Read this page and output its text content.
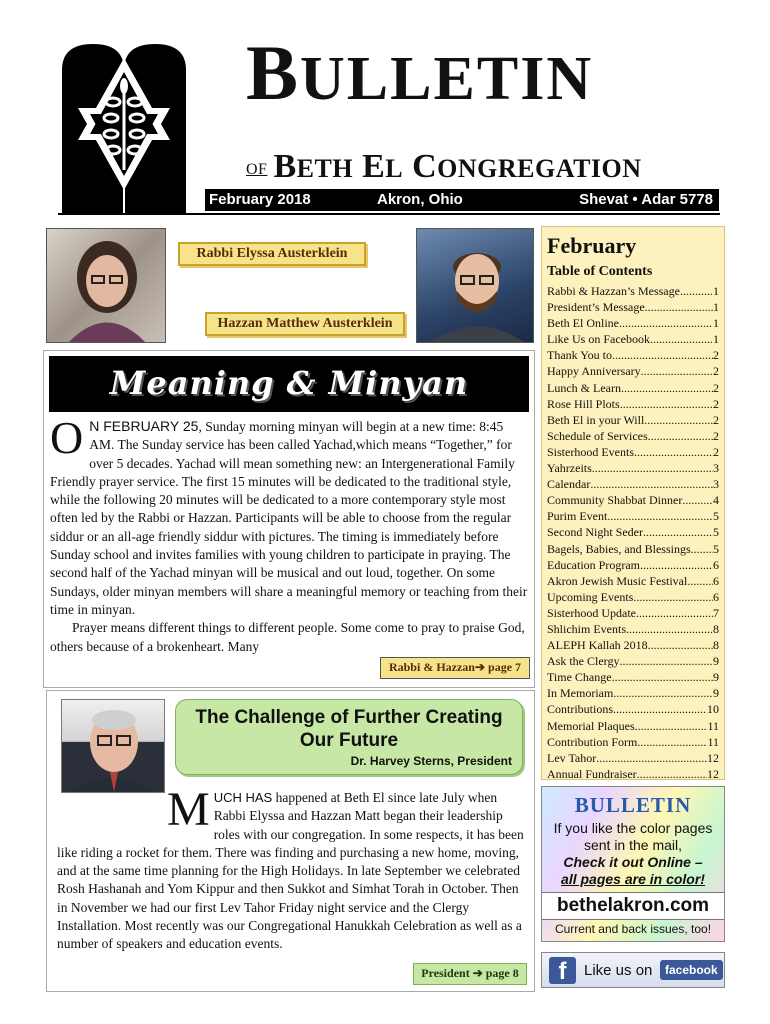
BULLETIN
OF BETH EL CONGREGATION
February 2018	Akron, Ohio	Shevat • Adar 5778
Rabbi Elyssa Austerklein
Hazzan Matthew Austerklein
Meaning & Minyan
O N FEBRUARY 25, Sunday morning minyan will begin at a new time: 8:45 AM. The Sunday service has been called Yachad,which means “Together,” for over 5 decades. Yachad will mean something new: an Intergenerational Family Friendly prayer service. The first 15 minutes will be dedicated to the traditional style, while the following 20 minutes will be dedicated to a more contemporary style most often led by the Rabbi or Hazzan. Participants will be able to choose from the regular siddur or an all-age friendly siddur with pictures. The timing is immediately before Sunday school and invites families with young children to participate in praying. The second half of the Yachad minyan will be musical and out loud, together. On some Sundays, older minyan members will share a meaningful memory or teaching from their time in minyan.

Prayer means different things to different people. Some come to pray to praise God, others because of a brokenheart. Many

Rabbi & Hazzan➔ page 7
The Challenge of Further Creating Our Future
Dr. Harvey Sterns, President
MUCH HAS happened at Beth El since late July when Rabbi Elyssa and Hazzan Matt began their leadership roles with our congregation. In some respects, it has been like riding a rocket for them. There was finding and purchasing a new home, moving, and at the same time planning for the High Holidays. In late September we celebrated Rosh Hashanah and Yom Kippur and then Sukkot and Simhat Torah in October. Then in November we had our first Lev Tahor Friday night service and the Clergy Installation. Most recently was our Congregational Hanukkah Celebration as well as a number of speakers and education events.
President ➔ page 8
February
Table of Contents
Rabbi & Hazzan’s Message .....	1
President’s Message .....	1
Beth El Online .....	1
Like Us on Facebook .....	1
Thank You to .....	2
Happy Anniversary .....	2
Lunch & Learn .....	2
Rose Hill Plots .....	2
Beth El in your Will .....	2
Schedule of Services .....	2
Sisterhood Events .....	2
Yahrzeits .....	3
Calendar .....	3
Community Shabbat Dinner .....	4
Purim Event .....	5
Second Night Seder .....	5
Bagels, Babies, and Blessings ..... 5
Education Program .....	6
Akron Jewish Music Festival ..... 6
Upcoming Events .....	6
Sisterhood Update .....	7
Shlichim Events .....	8
ALEPH Kallah 2018 .....	8
Ask the Clergy .....	9
Time Change .....	9
In Memoriam .....	9
Contributions .....	10
Memorial Plaques .....	11
Contribution Form .....	11
Lev Tahor .....	12
Annual Fundraiser .....	12
BULLETIN
If you like the color pages sent in the mail,
Check it out Online –
all pages are in color!
bethelakron.com
Current and back issues, too!
f	Like us on	facebook
